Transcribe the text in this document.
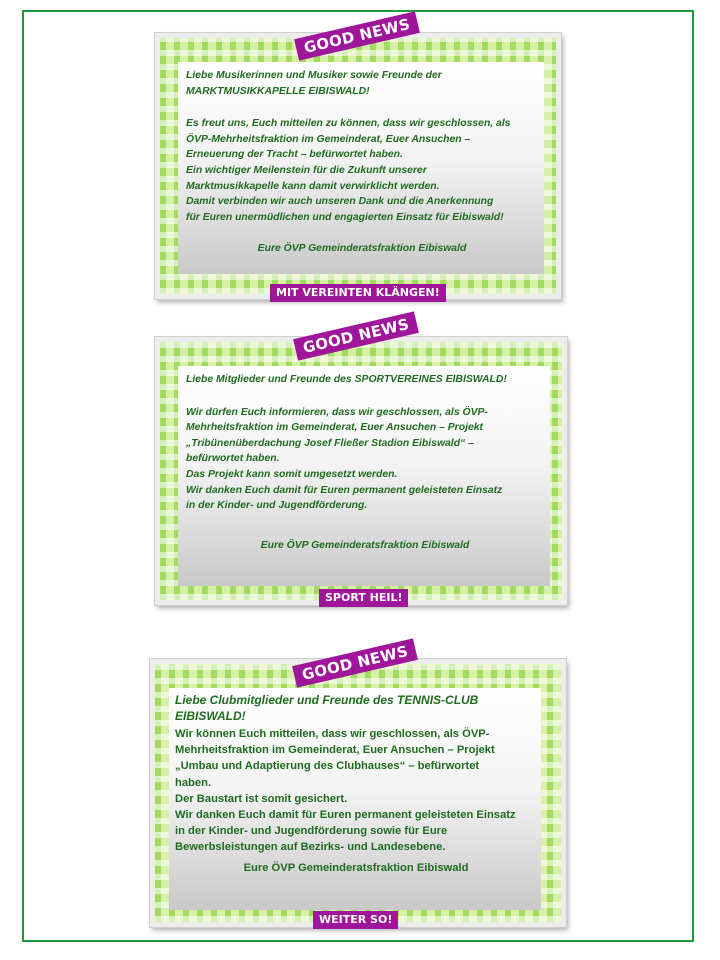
Liebe Musikerinnen und Musiker sowie Freunde der
MARKTMUSIKKAPELLE EIBISWALD!

Es freut uns, Euch mitteilen zu können, dass wir geschlossen, als
ÖVP-Mehrheitsfraktion im Gemeinderat, Euer Ansuchen –
Erneuerung der Tracht – befürwortet haben.
Ein wichtiger Meilenstein für die Zukunft unserer
Marktmusikkapelle kann damit verwirklicht werden.
Damit verbinden wir auch unseren Dank und die Anerkennung
für Euren unermüdlichen und engagierten Einsatz für Eibiswald!

Eure ÖVP Gemeinderatsfraktion Eibiswald

GOOD NEWS
MIT VEREINTEN KLÄNGEN!

Liebe Mitglieder und Freunde des SPORTVEREINES EIBISWALD!

Wir dürfen Euch informieren, dass wir geschlossen, als ÖVP-
Mehrheitsfraktion im Gemeinderat, Euer Ansuchen – Projekt
„Tribünenüberdachung Josef Fließer Stadion Eibiswald“ –
befürwortet haben.
Das Projekt kann somit umgesetzt werden.
Wir danken Euch damit für Euren permanent geleisteten Einsatz
in der Kinder- und Jugendförderung.

Eure ÖVP Gemeinderatsfraktion Eibiswald

GOOD NEWS
SPORT HEIL!

Liebe Clubmitglieder und Freunde des TENNIS-CLUB
EIBISWALD!

Wir können Euch mitteilen, dass wir geschlossen, als ÖVP-
Mehrheitsfraktion im Gemeinderat, Euer Ansuchen – Projekt
„Umbau und Adaptierung des Clubhauses“ – befürwortet
haben.
Der Baustart ist somit gesichert.
Wir danken Euch damit für Euren permanent geleisteten Einsatz
in der Kinder- und Jugendförderung sowie für Eure
Bewerbsleistungen auf Bezirks- und Landesebene.

Eure ÖVP Gemeinderatsfraktion Eibiswald

GOOD NEWS
WEITER SO!
